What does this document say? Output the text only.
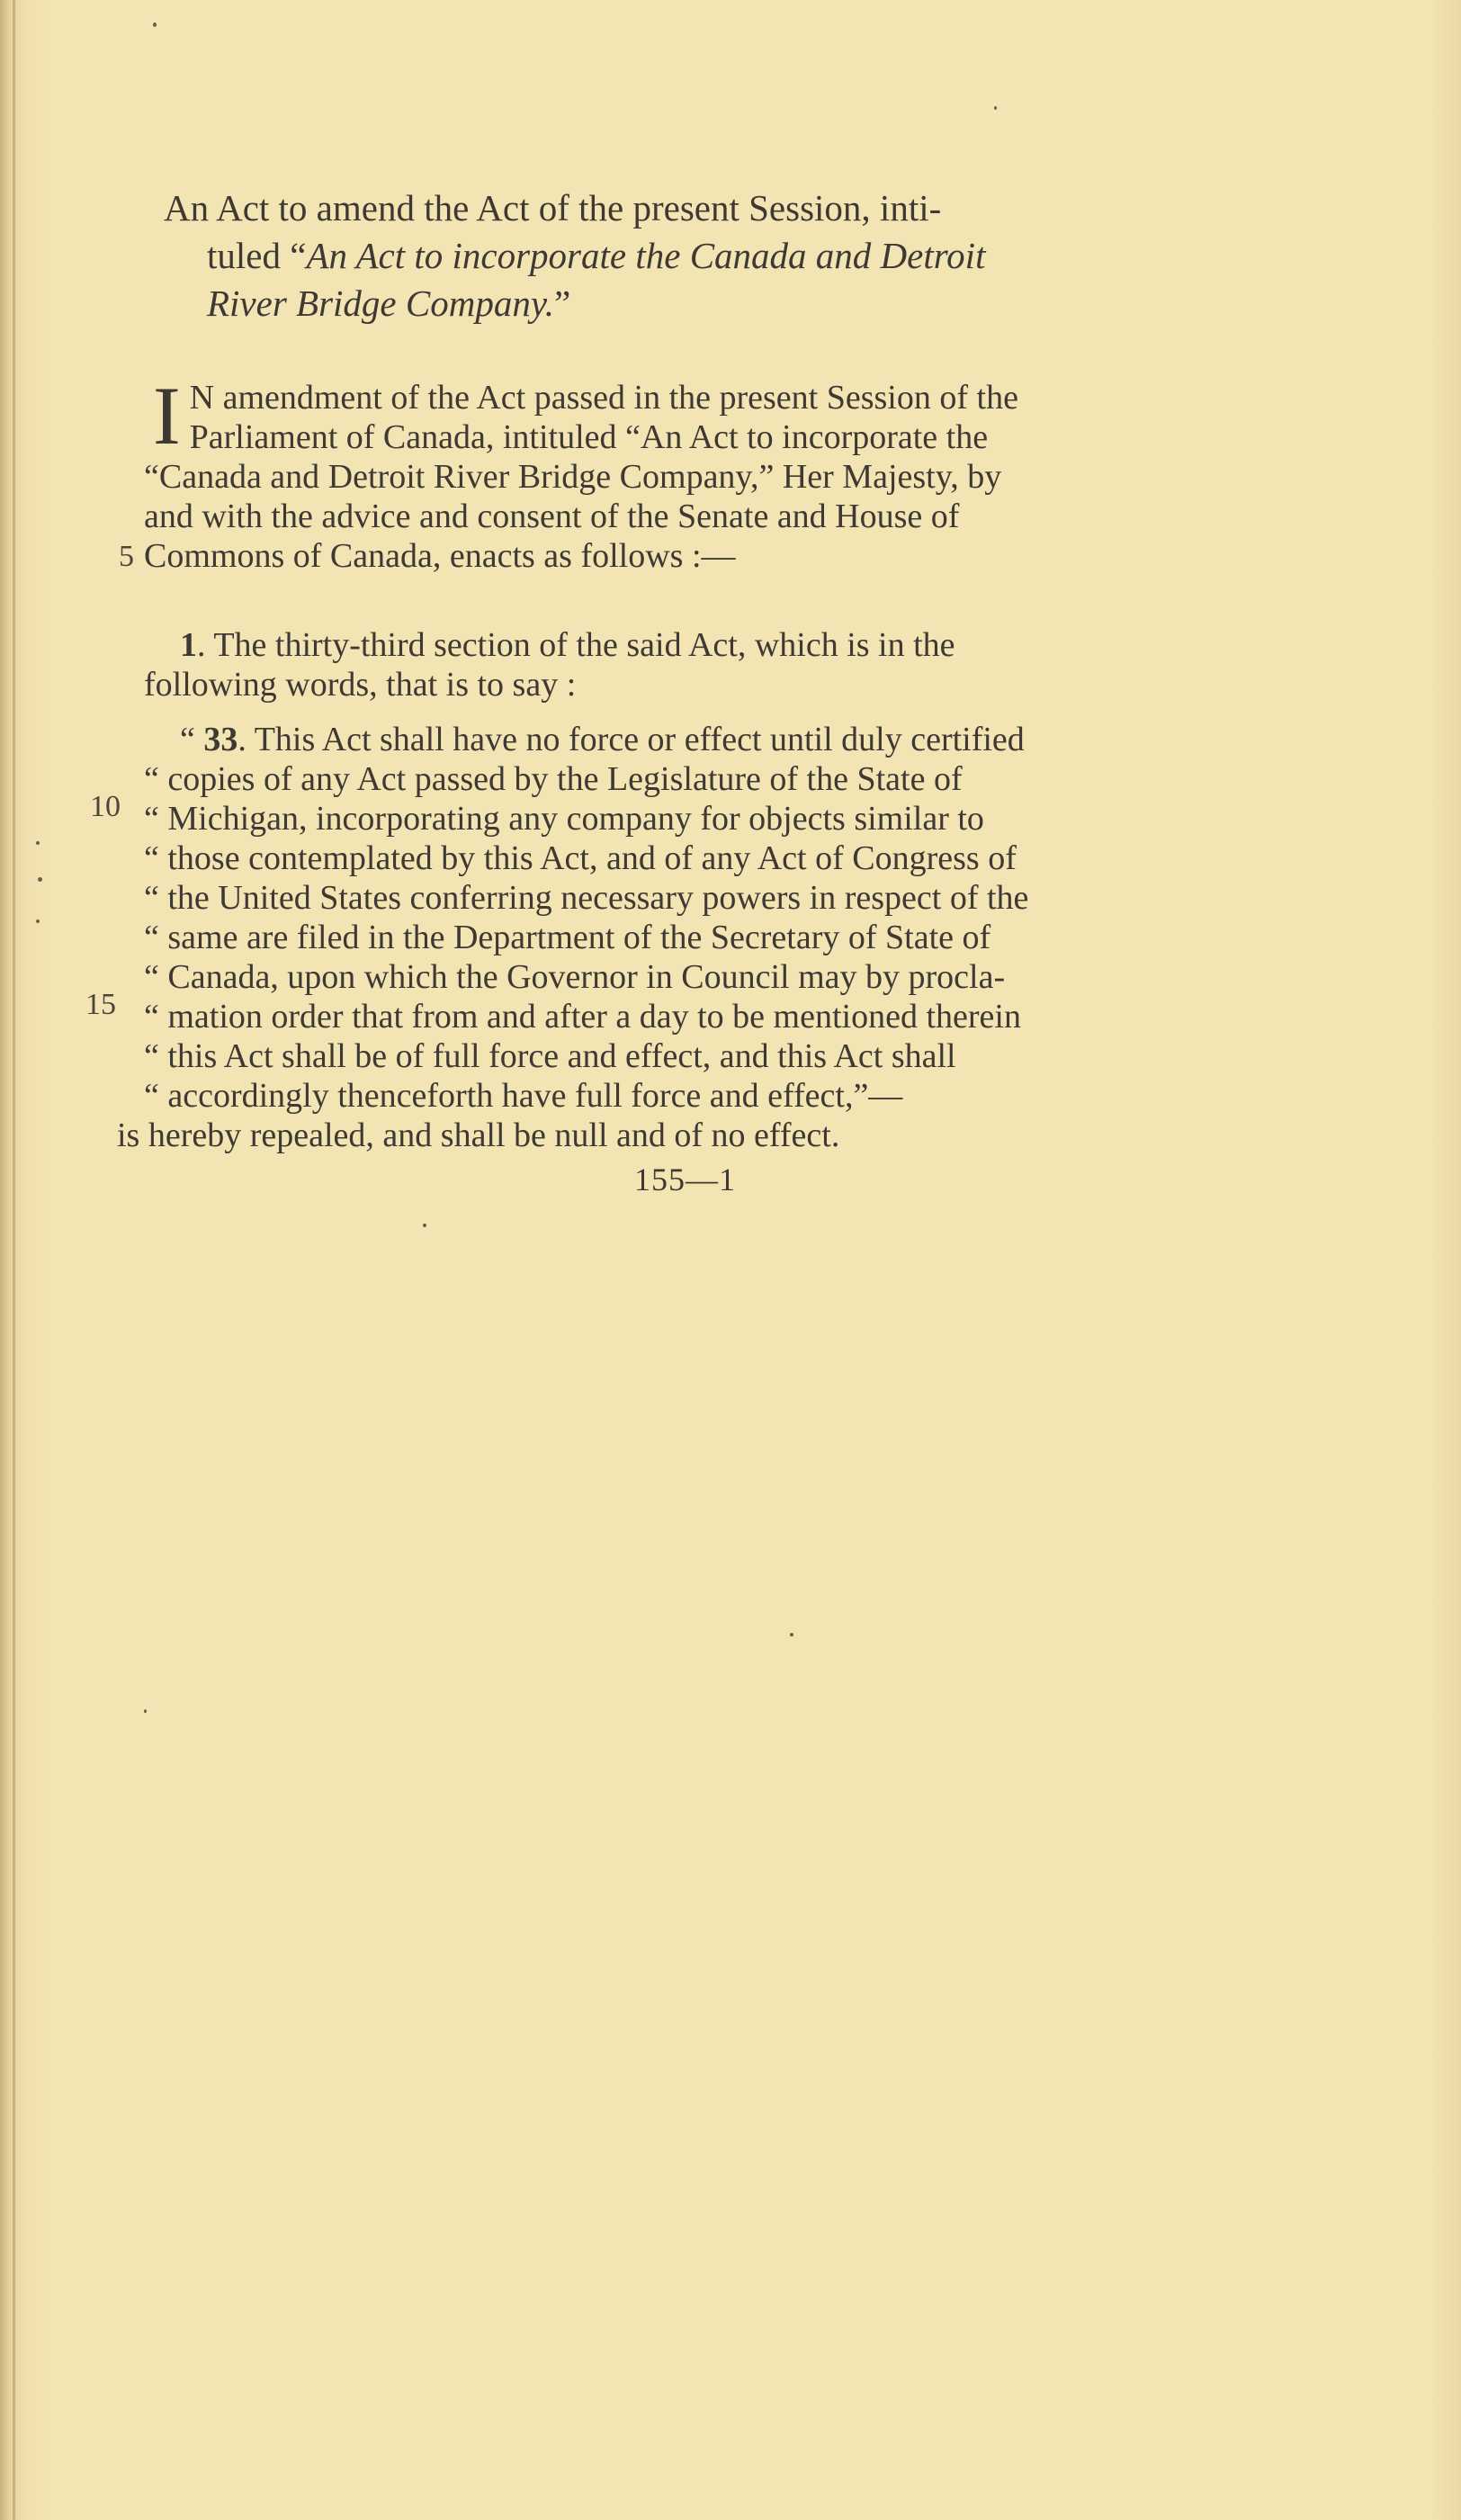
An Act to amend the Act of the present Session, inti-
tuled “An Act to incorporate the Canada and Detroit
River Bridge Company.”
I N amendment of the Act passed in the present Session of the
Parliament of Canada, intituled “An Act to incorporate the
“Canada and Detroit River Bridge Company,” Her Majesty, by
and with the advice and consent of the Senate and House of
Commons of Canada, enacts as follows :—
5
1. The thirty-third section of the said Act, which is in the
following words, that is to say :
“ 33. This Act shall have no force or effect until duly certified
“ copies of any Act passed by the Legislature of the State of
“ Michigan, incorporating any company for objects similar to
“ those contemplated by this Act, and of any Act of Congress of
“ the United States conferring necessary powers in respect of the
“ same are filed in the Department of the Secretary of State of
“ Canada, upon which the Governor in Council may by procla-
“ mation order that from and after a day to be mentioned therein
“ this Act shall be of full force and effect, and this Act shall
“ accordingly thenceforth have full force and effect,”—
10
15
is hereby repealed, and shall be null and of no effect.
155—1
